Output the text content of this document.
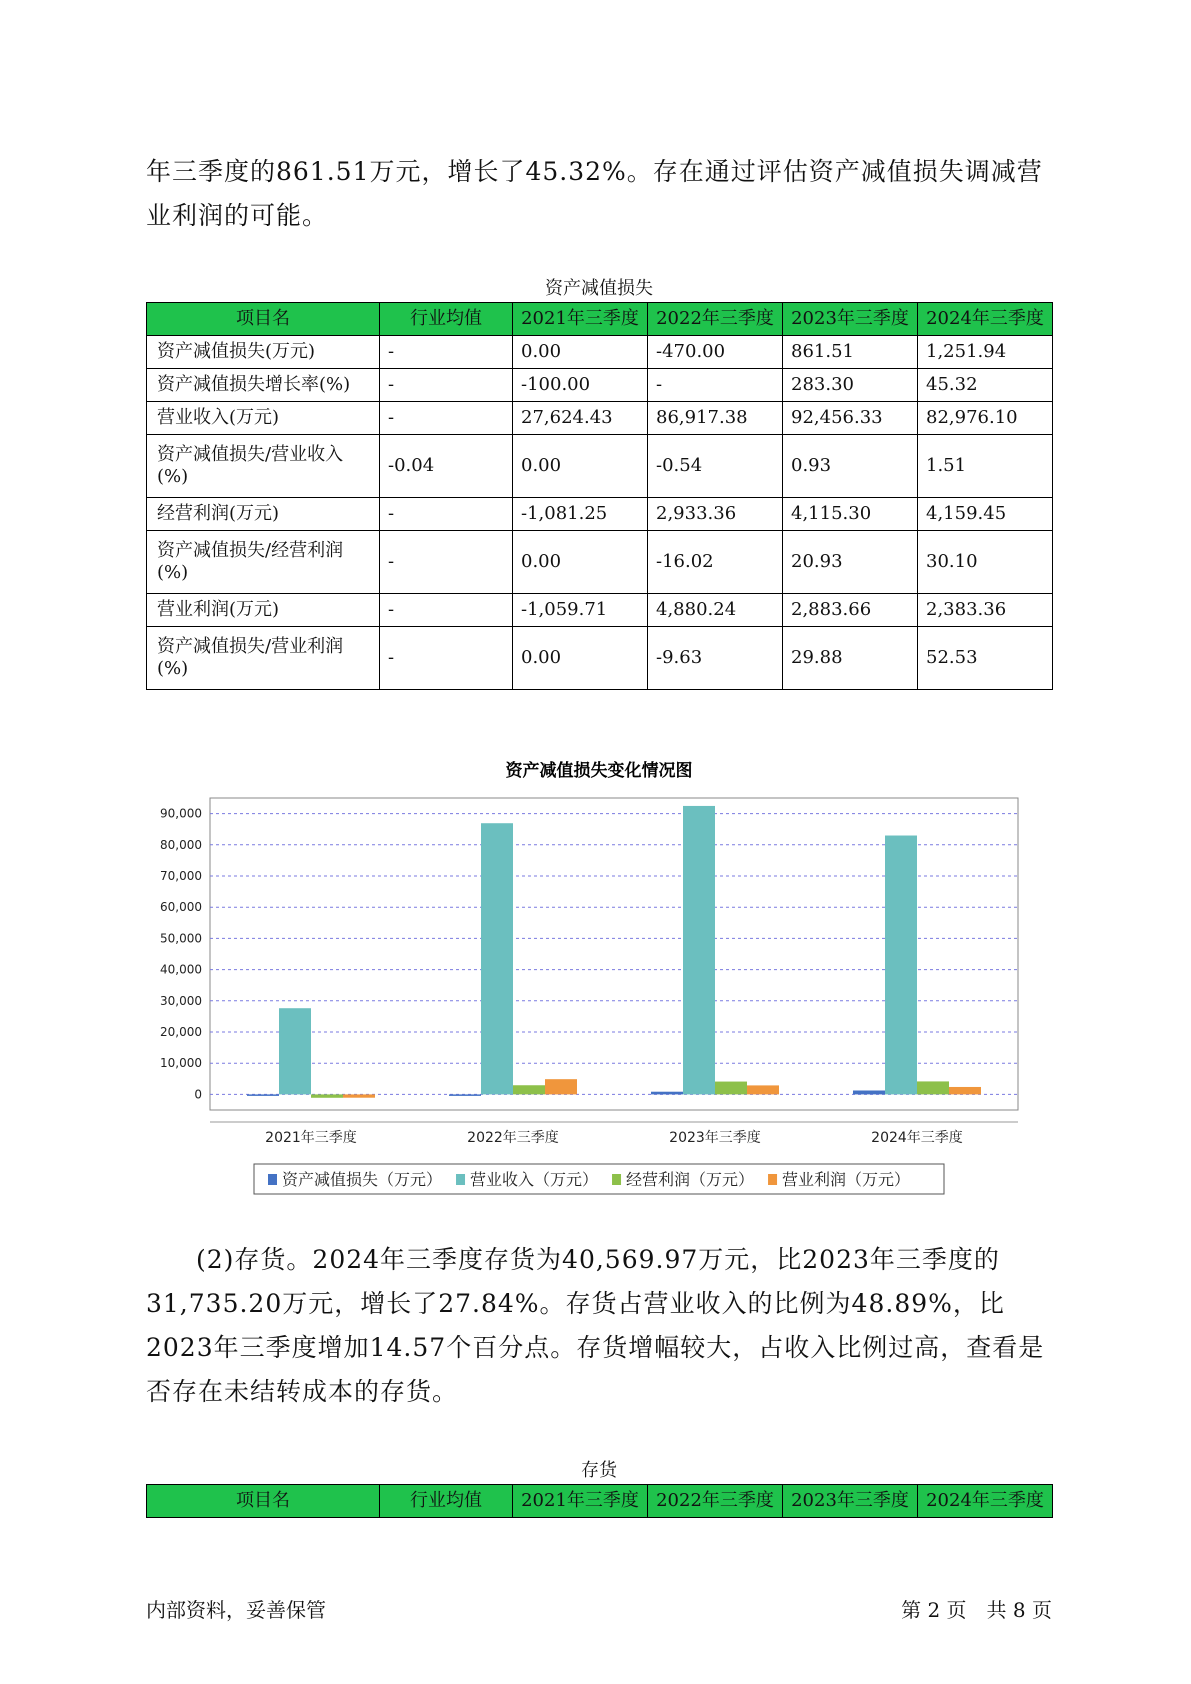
年三季度的861.51万元，增长了45.32%。存在通过评估资产减值损失调减营业利润的可能。

资产减值损失

项目名	行业均值	2021年三季度	2022年三季度	2023年三季度	2024年三季度
资产减值损失(万元)	-	0.00	-470.00	861.51	1,251.94
资产减值损失增长率(%)	-	-100.00	-	283.30	45.32
营业收入(万元)	-	27,624.43	86,917.38	92,456.33	82,976.10
资产减值损失/营业收入(%)	-0.04	0.00	-0.54	0.93	1.51
经营利润(万元)	-	-1,081.25	2,933.36	4,115.30	4,159.45
资产减值损失/经营利润(%)	-	0.00	-16.02	20.93	30.10
营业利润(万元)	-	-1,059.71	4,880.24	2,883.66	2,383.36
资产减值损失/营业利润(%)	-	0.00	-9.63	29.88	52.53
资产减值损失变化情况图
90,000
80,000
70,000
60,000
50,000
40,000
30,000
20,000
10,000
0
2021年三季度	2022年三季度	2023年三季度	2024年三季度
资产减值损失（万元） 营业收入（万元） 经营利润（万元） 营业利润（万元）

(2)存货。2024年三季度存货为40,569.97万元，比2023年三季度的31,735.20万元，增长了27.84%。存货占营业收入的比例为48.89%，比2023年三季度增加14.57个百分点。存货增幅较大，占收入比例过高，查看是否存在未结转成本的存货。

存货

项目名	行业均值	2021年三季度	2022年三季度	2023年三季度	2024年三季度

内部资料，妥善保管	第 2 页　共 8 页
